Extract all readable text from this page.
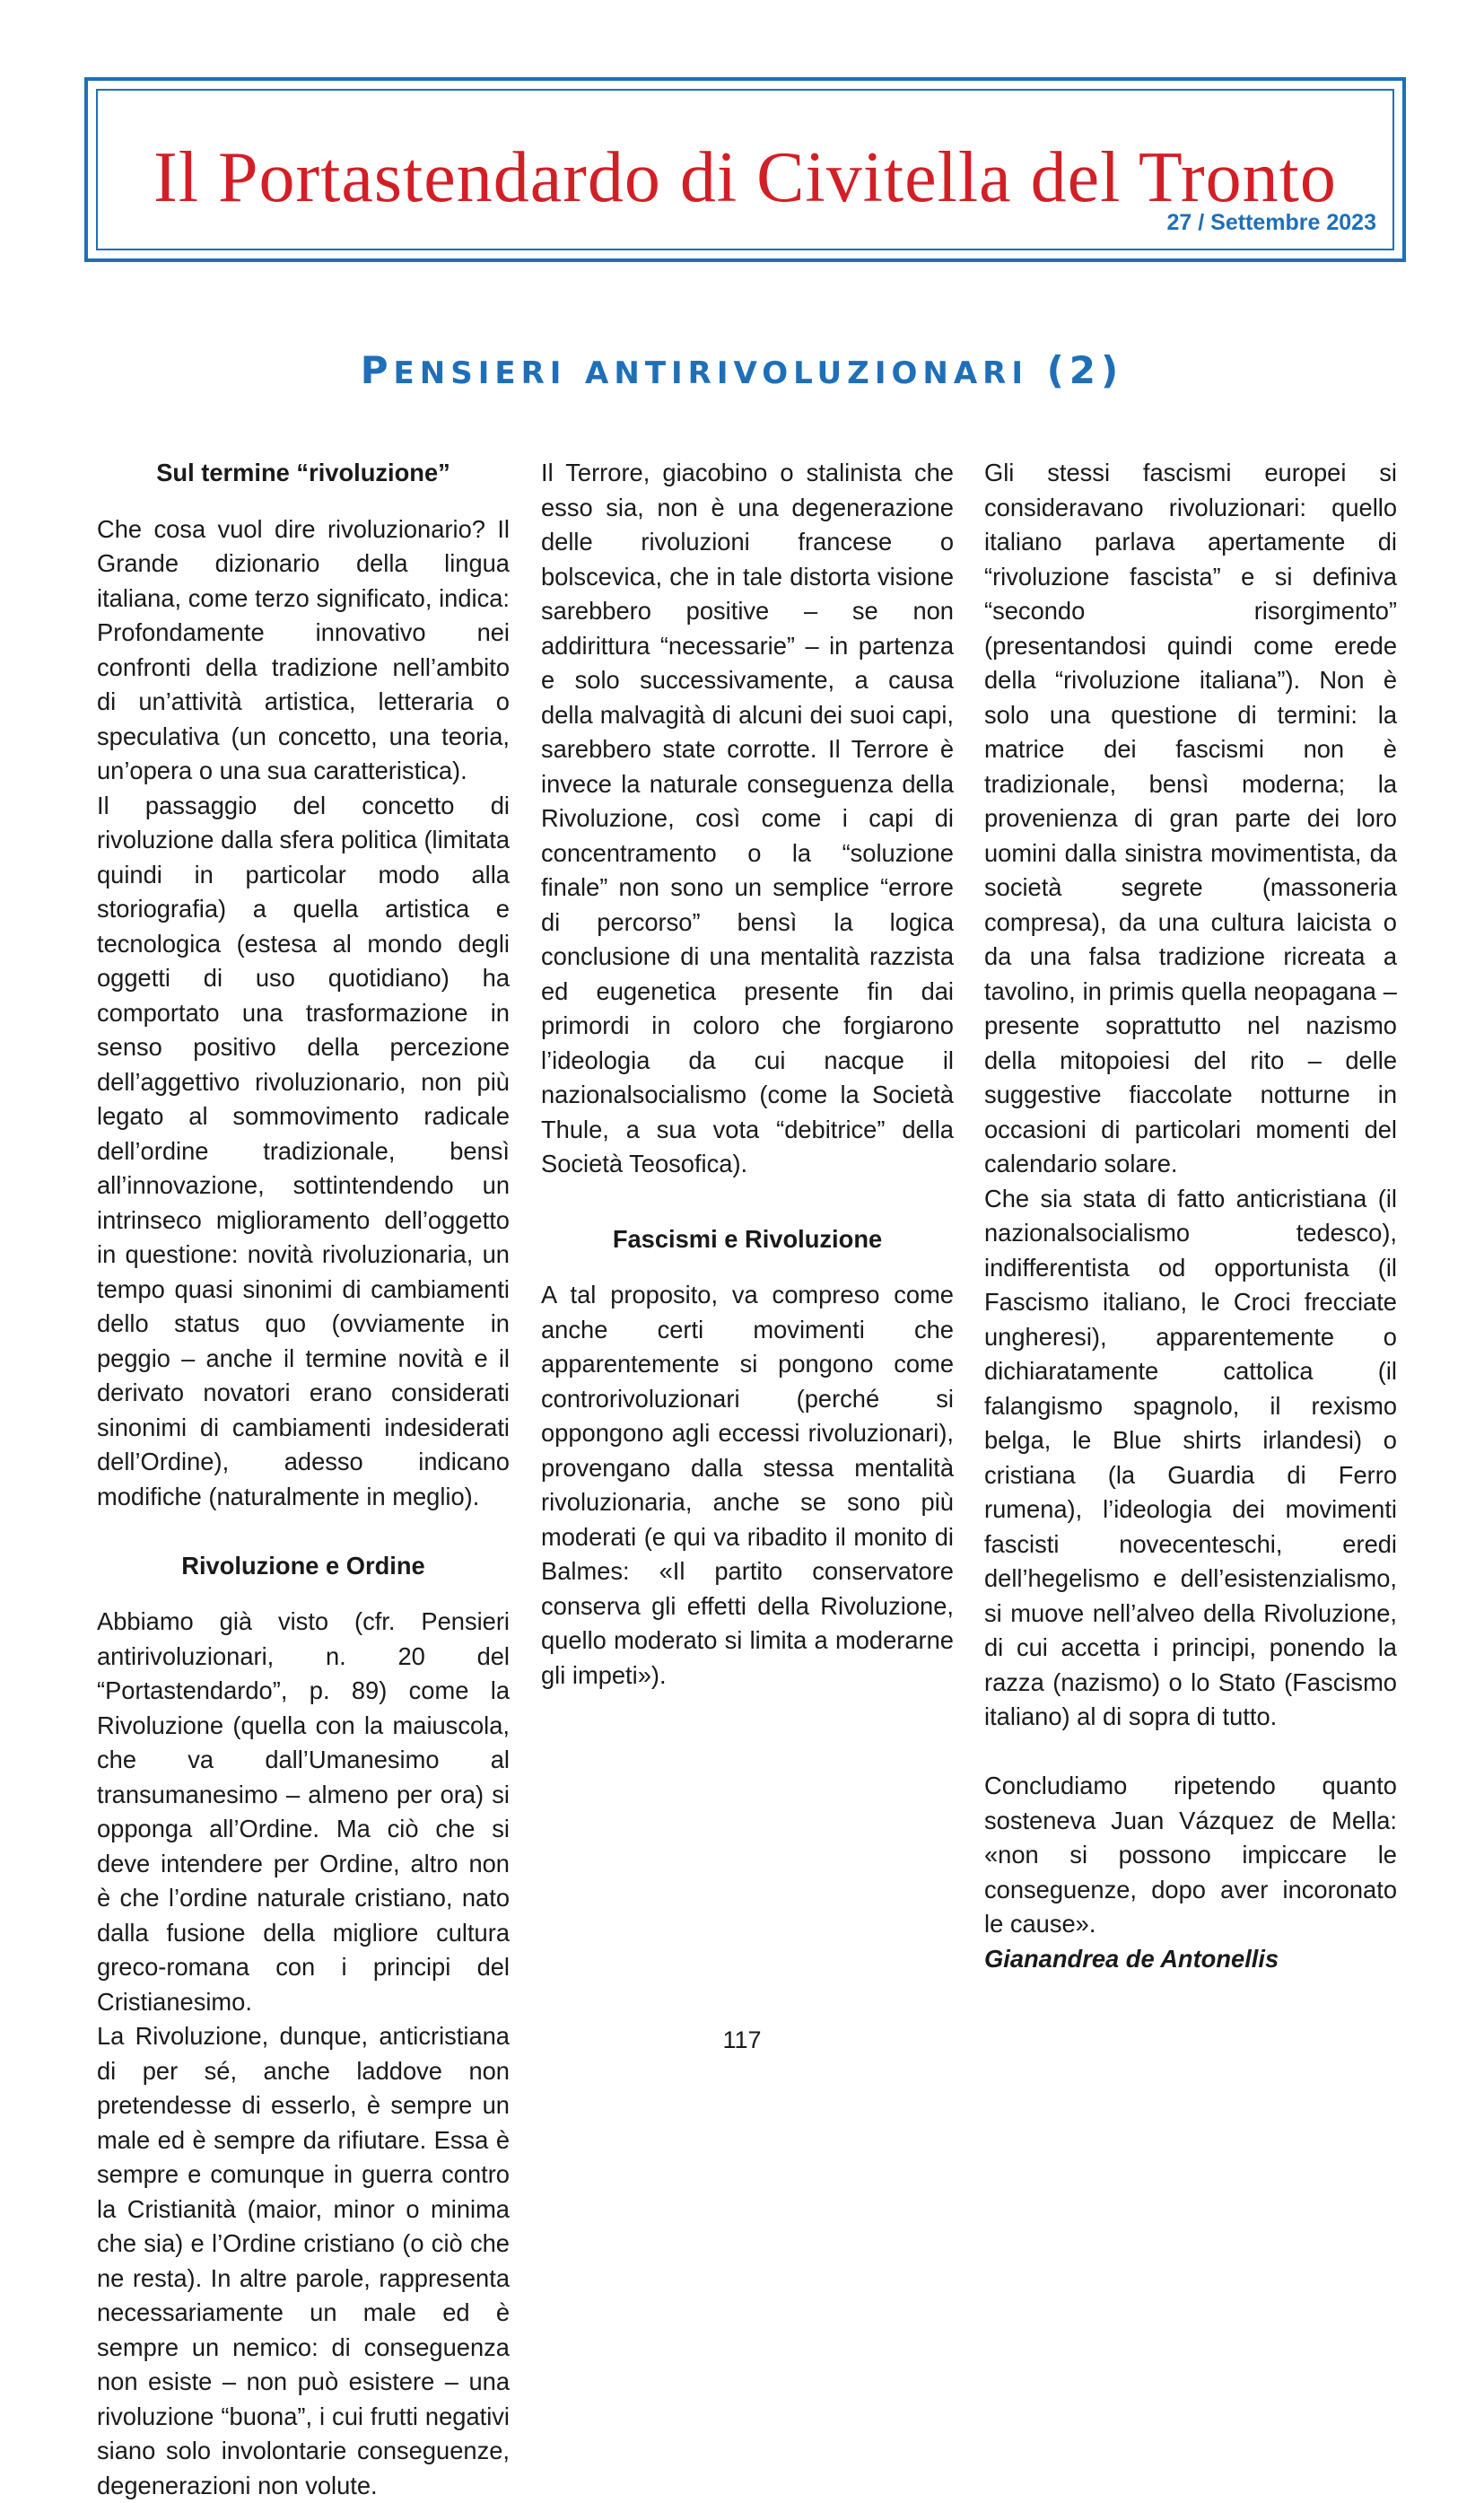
Il Portastendardo di Civitella del Tronto
27 / Settembre 2023
PENSIERI ANTIRIVOLUZIONARI (2)
Sul termine “rivoluzione”

Che cosa vuol dire rivoluzionario? Il Grande dizionario della lingua italiana, come terzo significato, indica: Profondamente innovativo nei confronti della tradizione nell’ambito di un’attività artistica, letteraria o speculativa (un concetto, una teoria, un’opera o una sua caratteristica).

Il passaggio del concetto di rivoluzione dalla sfera politica (limitata quindi in particolar modo alla storiografia) a quella artistica e tecnologica (estesa al mondo degli oggetti di uso quotidiano) ha comportato una trasformazione in senso positivo della percezione dell’aggettivo rivoluzionario, non più legato al sommovimento radicale dell’ordine tradizionale, bensì all’innovazione, sottintendendo un intrinseco miglioramento dell’oggetto in questione: novità rivoluzionaria, un tempo quasi sinonimi di cambiamenti dello status quo (ovviamente in peggio – anche il termine novità e il derivato novatori erano considerati sinonimi di cambiamenti indesiderati dell’Ordine), adesso indicano modifiche (naturalmente in meglio).

Rivoluzione e Ordine

Abbiamo già visto (cfr. Pensieri antirivoluzionari, n. 20 del “Portastendardo”, p. 89) come la Rivoluzione (quella con la maiuscola, che va dall’Umanesimo al transumanesimo – almeno per ora) si opponga all’Ordine. Ma ciò che si deve intendere per Ordine, altro non è che l’ordine naturale cristiano, nato dalla fusione della migliore cultura greco-romana con i principi del Cristianesimo.

La Rivoluzione, dunque, anticristiana di per sé, anche laddove non pretendesse di esserlo, è sempre un male ed è sempre da rifiutare. Essa è sempre e comunque in guerra contro la Cristianità (maior, minor o minima che sia) e l’Ordine cristiano (o ciò che ne resta). In altre parole, rappresenta necessariamente un male ed è sempre un nemico: di conseguenza non esiste – non può esistere – una rivoluzione “buona”, i cui frutti negativi siano solo involontarie conseguenze, degenerazioni non volute.

Il Terrore, giacobino o stalinista che esso sia, non è una degenerazione delle rivoluzioni francese o bolscevica, che in tale distorta visione sarebbero positive – se non addirittura “necessarie” – in partenza e solo successivamente, a causa della malvagità di alcuni dei suoi capi, sarebbero state corrotte. Il Terrore è invece la naturale conseguenza della Rivoluzione, così come i capi di concentramento o la “soluzione finale” non sono un semplice “errore di percorso” bensì la logica conclusione di una mentalità razzista ed eugenetica presente fin dai primordi in coloro che forgiarono l’ideologia da cui nacque il nazionalsocialismo (come la Società Thule, a sua vota “debitrice” della Società Teosofica).

Fascismi e Rivoluzione

A tal proposito, va compreso come anche certi movimenti che apparentemente si pongono come controrivoluzionari (perché si oppongono agli eccessi rivoluzionari), provengano dalla stessa mentalità rivoluzionaria, anche se sono più moderati (e qui va ribadito il monito di Balmes: «Il partito conservatore conserva gli effetti della Rivoluzione, quello moderato si limita a moderarne gli impeti»).

Gli stessi fascismi europei si consideravano rivoluzionari: quello italiano parlava apertamente di “rivoluzione fascista” e si definiva “secondo risorgimento” (presentandosi quindi come erede della “rivoluzione italiana”). Non è solo una questione di termini: la matrice dei fascismi non è tradizionale, bensì moderna; la provenienza di gran parte dei loro uomini dalla sinistra movimentista, da società segrete (massoneria compresa), da una cultura laicista o da una falsa tradizione ricreata a tavolino, in primis quella neopagana – presente soprattutto nel nazismo della mitopoiesi del rito – delle suggestive fiaccolate notturne in occasioni di particolari momenti del calendario solare.

Che sia stata di fatto anticristiana (il nazionalsocialismo tedesco), indifferentista od opportunista (il Fascismo italiano, le Croci frecciate ungheresi), apparentemente o dichiaratamente cattolica (il falangismo spagnolo, il rexismo belga, le Blue shirts irlandesi) o cristiana (la Guardia di Ferro rumena), l’ideologia dei movimenti fascisti novecenteschi, eredi dell’hegelismo e dell’esistenzialismo, si muove nell’alveo della Rivoluzione, di cui accetta i principi, ponendo la razza (nazismo) o lo Stato (Fascismo italiano) al di sopra di tutto.

Concludiamo ripetendo quanto sosteneva Juan Vázquez de Mella: «non si possono impiccare le conseguenze, dopo aver incoronato le cause».

Gianandrea de Antonellis

117
